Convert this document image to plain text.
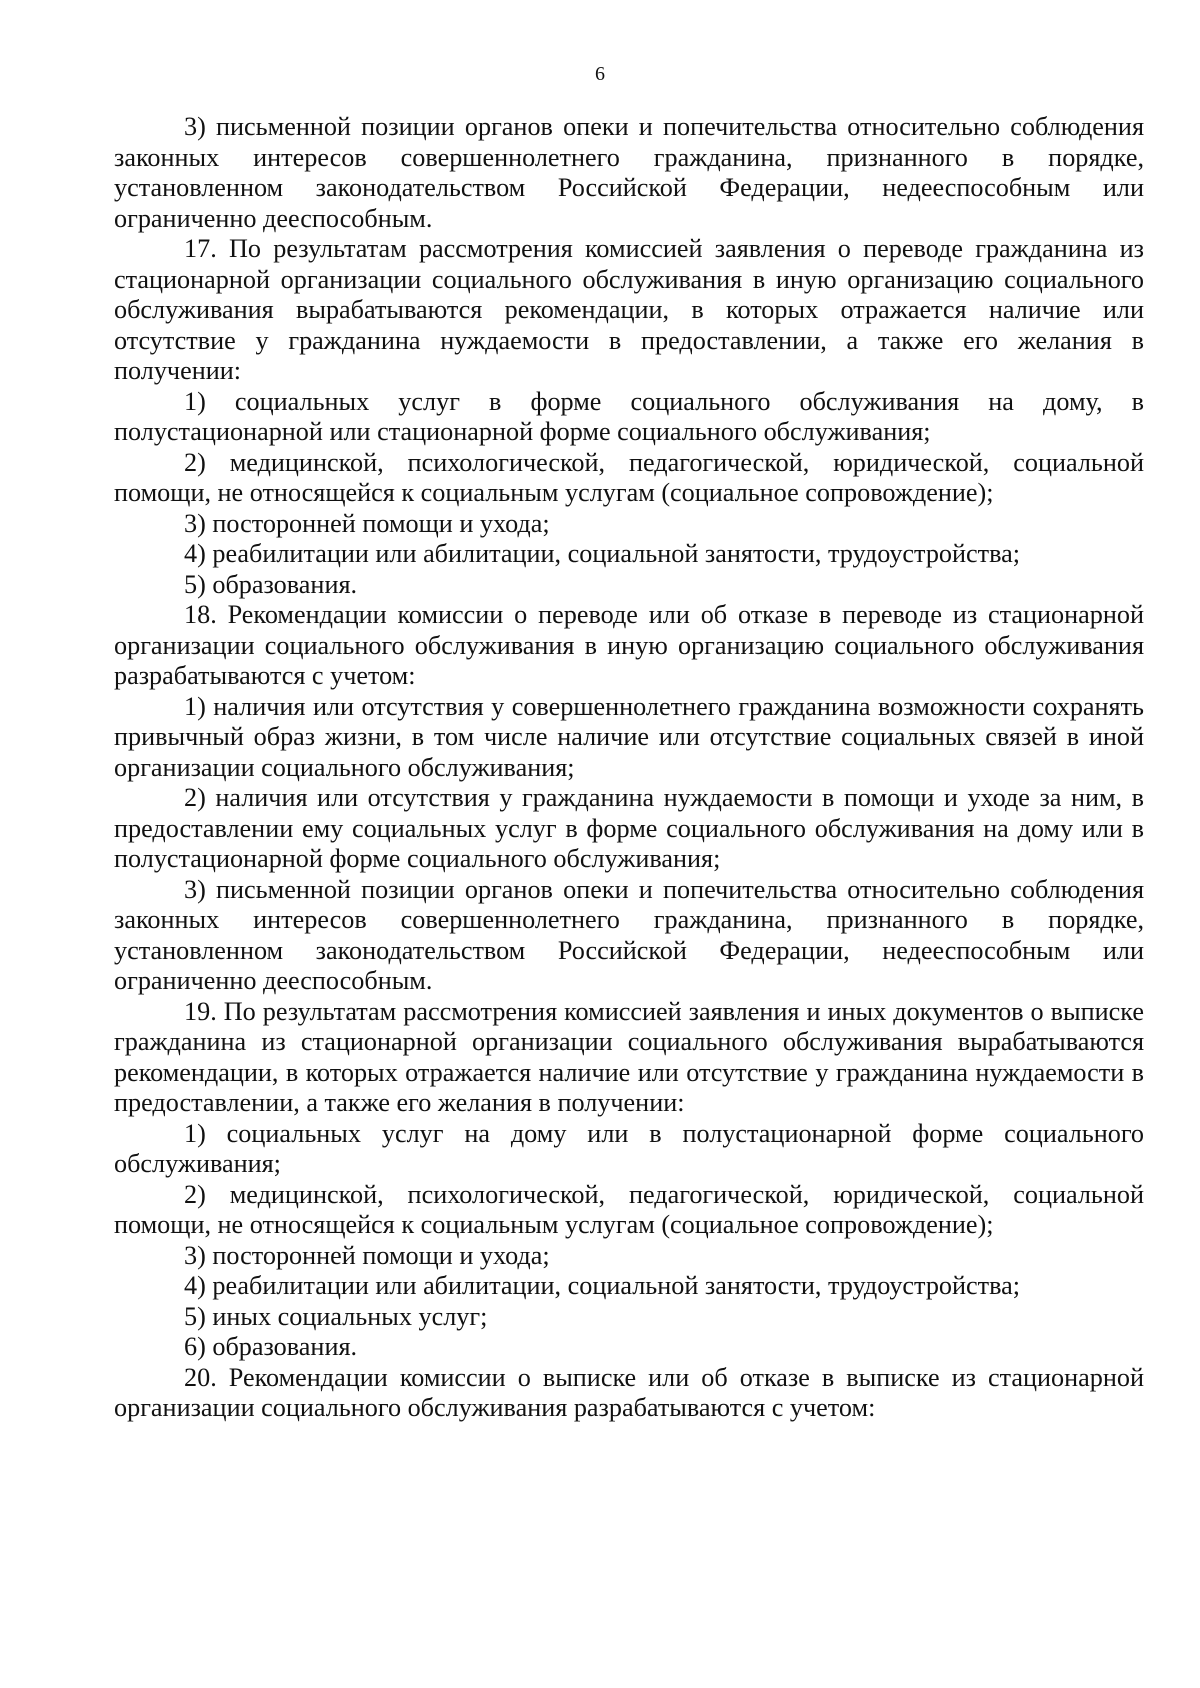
6

3) письменной позиции органов опеки и попечительства относительно соблюдения законных интересов совершеннолетнего гражданина, признанного в порядке, установленном законодательством Российской Федерации, недееспособным или ограниченно дееспособным.

17. По результатам рассмотрения комиссией заявления о переводе гражданина из стационарной организации социального обслуживания в иную организацию социального обслуживания вырабатываются рекомендации, в которых отражается наличие или отсутствие у гражданина нуждаемости в предоставлении, а также его желания в получении:

1) социальных услуг в форме социального обслуживания на дому, в полустационарной или стационарной форме социального обслуживания;

2) медицинской, психологической, педагогической, юридической, социальной помощи, не относящейся к социальным услугам (социальное сопровождение);

3) посторонней помощи и ухода;

4) реабилитации или абилитации, социальной занятости, трудоустройства;

5) образования.

18. Рекомендации комиссии о переводе или об отказе в переводе из стационарной организации социального обслуживания в иную организацию социального обслуживания разрабатываются с учетом:

1) наличия или отсутствия у совершеннолетнего гражданина возможности сохранять привычный образ жизни, в том числе наличие или отсутствие социальных связей в иной организации социального обслуживания;

2) наличия или отсутствия у гражданина нуждаемости в помощи и уходе за ним, в предоставлении ему социальных услуг в форме социального обслуживания на дому или в полустационарной форме социального обслуживания;

3) письменной позиции органов опеки и попечительства относительно соблюдения законных интересов совершеннолетнего гражданина, признанного в порядке, установленном законодательством Российской Федерации, недееспособным или ограниченно дееспособным.

19. По результатам рассмотрения комиссией заявления и иных документов о выписке гражданина из стационарной организации социального обслуживания вырабатываются рекомендации, в которых отражается наличие или отсутствие у гражданина нуждаемости в предоставлении, а также его желания в получении:

1) социальных услуг на дому или в полустационарной форме социального обслуживания;

2) медицинской, психологической, педагогической, юридической, социальной помощи, не относящейся к социальным услугам (социальное сопровождение);

3) посторонней помощи и ухода;

4) реабилитации или абилитации, социальной занятости, трудоустройства;

5) иных социальных услуг;

6) образования.

20. Рекомендации комиссии о выписке или об отказе в выписке из стационарной организации социального обслуживания разрабатываются с учетом:
